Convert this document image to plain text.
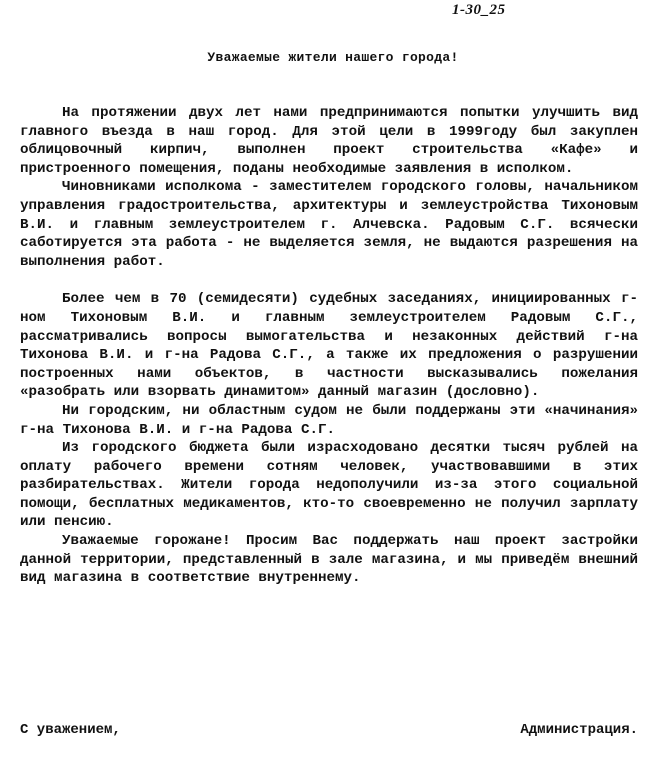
1-30_25
Уважаемые жители нашего города!

На протяжении двух лет нами предпринимаются попытки улучшить вид главного въезда в наш город. Для этой цели в 1999году был закуплен облицовочный кирпич, выполнен проект строительства «Кафе» и пристроенного помещения, поданы необходимые заявления в исполком.

Чиновниками исполкома - заместителем городского головы, начальником управления градостроительства, архитектуры и землеустройства Тихоновым В.И. и главным землеустроителем г. Алчевска. Радовым С.Г. всячески саботируется эта работа - не выделяется земля, не выдаются разрешения на выполнения работ.

Более чем в 70 (семидесяти) судебных заседаниях, инициированных г-ном Тихоновым В.И. и главным землеустроителем Радовым С.Г., рассматривались вопросы вымогательства и незаконных действий г-на Тихонова В.И. и г-на Радова С.Г., а также их предложения о разрушении построенных нами объектов, в частности высказывались пожелания «разобрать или взорвать динамитом» данный магазин (дословно).

Ни городским, ни областным судом не были поддержаны эти «начинания» г-на Тихонова В.И. и г-на Радова С.Г.

Из городского бюджета были израсходовано десятки тысяч рублей на оплату рабочего времени сотням человек, участвовавшими в этих разбирательствах. Жители города недополучили из-за этого социальной помощи, бесплатных медикаментов, кто-то своевременно не получил зарплату или пенсию.

Уважаемые горожане! Просим Вас поддержать наш проект застройки данной территории, представленный в зале магазина, и мы приведём внешний вид магазина в соответствие внутреннему.

С уважением,	Администрация.
